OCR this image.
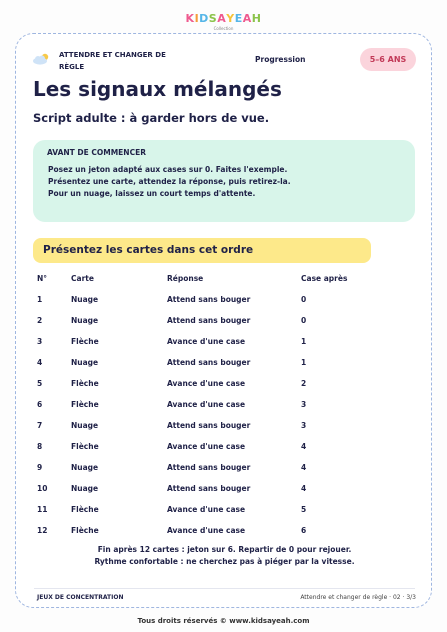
KIDSAYEAH
Collection
ATTENDRE ET CHANGER DE RÈGLE
Progression	5–6 ANS
Les signaux mélangés
Script adulte : à garder hors de vue.
AVANT DE COMMENCER
Posez un jeton adapté aux cases sur 0. Faites l'exemple.
Présentez une carte, attendez la réponse, puis retirez-la.
Pour un nuage, laissez un court temps d'attente.
Présentez les cartes dans cet ordre
N°	Carte	Réponse	Case après
1	Nuage	Attend sans bouger	0
2	Nuage	Attend sans bouger	0
3	Flèche	Avance d'une case	1
4	Nuage	Attend sans bouger	1
5	Flèche	Avance d'une case	2
6	Flèche	Avance d'une case	3
7	Nuage	Attend sans bouger	3
8	Flèche	Avance d'une case	4
9	Nuage	Attend sans bouger	4
10	Nuage	Attend sans bouger	4
11	Flèche	Avance d'une case	5
12	Flèche	Avance d'une case	6
Fin après 12 cartes : jeton sur 6. Repartir de 0 pour rejouer.
Rythme confortable : ne cherchez pas à piéger par la vitesse.
JEUX DE CONCENTRATION	Attendre et changer de règle · 02 · 3/3
Tous droits réservés © www.kidsayeah.com
